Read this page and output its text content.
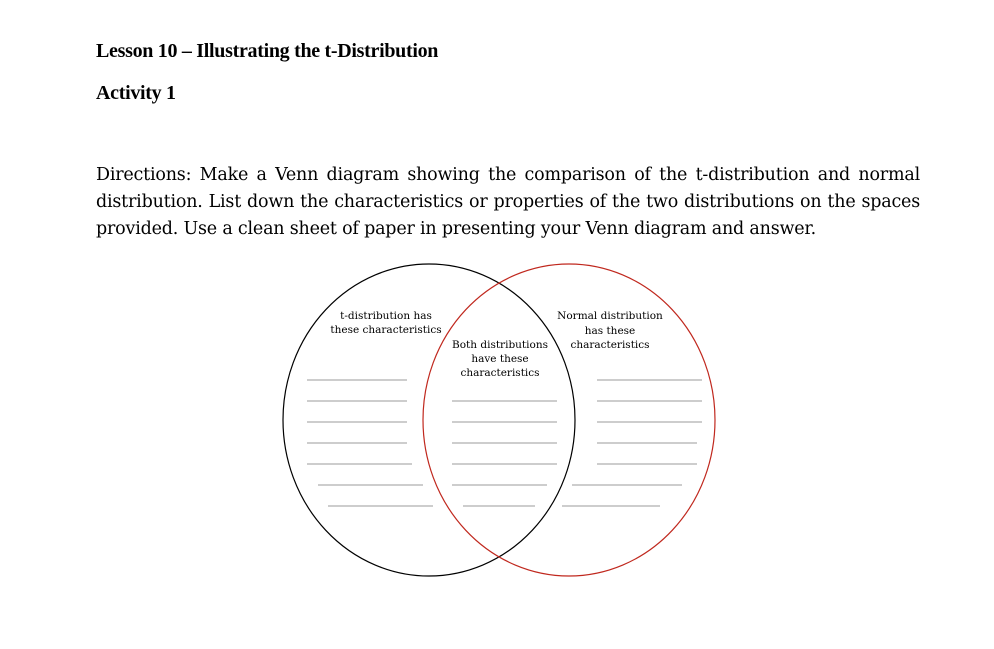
Lesson 10 – Illustrating the t-Distribution
Activity 1

Directions: Make a Venn diagram showing the comparison of the t-distribution and normal distribution. List down the characteristics or properties of the two distributions on the spaces provided. Use a clean sheet of paper in presenting your Venn diagram and answer.

t-distribution has
these characteristics
Both distributions
have these
characteristics
Normal distribution
has these
characteristics
